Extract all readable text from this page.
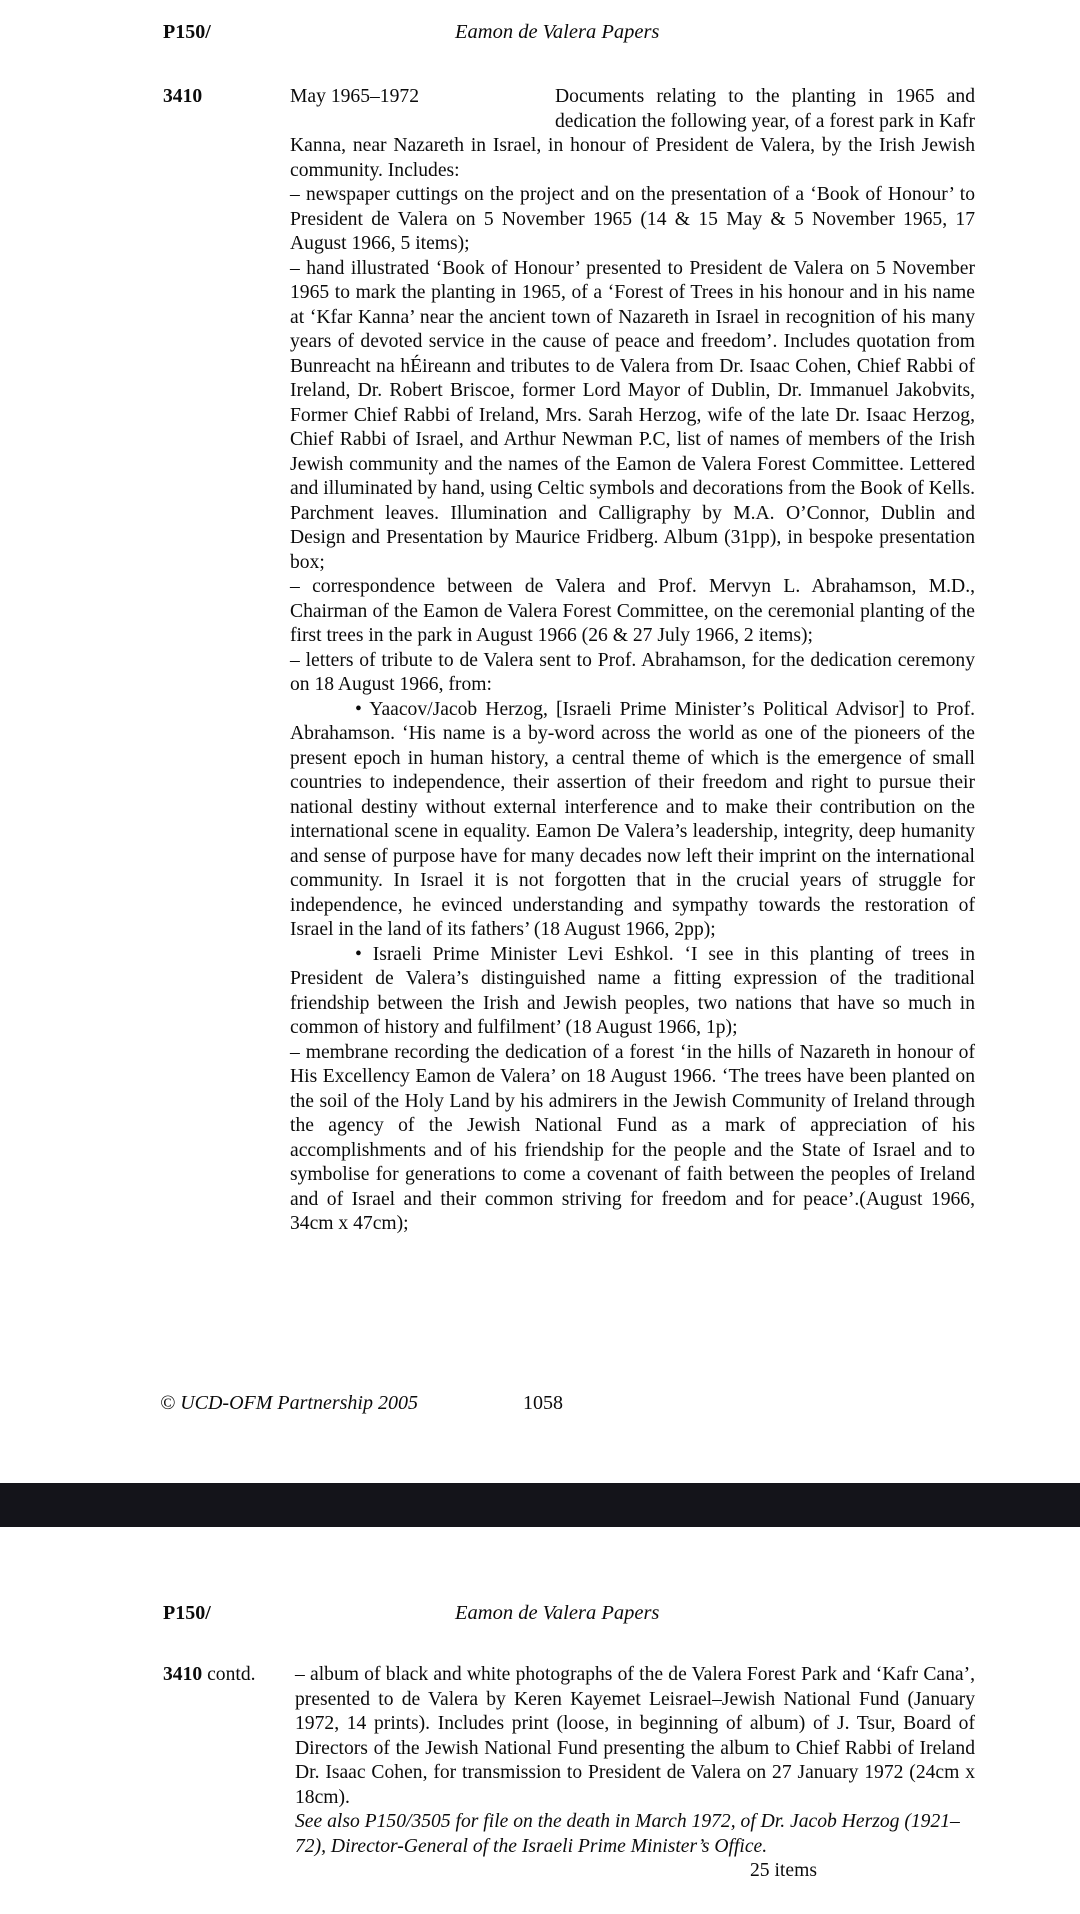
P150/	Eamon de Valera Papers
3410	May 1965–1972	Documents relating to the planting in 1965 and dedication the following year, of a forest park in Kafr Kanna, near Nazareth in Israel, in honour of President de Valera, by the Irish Jewish community. Includes:

– newspaper cuttings on the project and on the presentation of a ‘Book of Honour’ to President de Valera on 5 November 1965 (14 & 15 May & 5 November 1965, 17 August 1966, 5 items);

– hand illustrated ‘Book of Honour’ presented to President de Valera on 5 November 1965 to mark the planting in 1965, of a ‘Forest of Trees in his honour and in his name at ‘Kfar Kanna’ near the ancient town of Nazareth in Israel in recognition of his many years of devoted service in the cause of peace and freedom’. Includes quotation from Bunreacht na hÉireann and tributes to de Valera from Dr. Isaac Cohen, Chief Rabbi of Ireland, Dr. Robert Briscoe, former Lord Mayor of Dublin, Dr. Immanuel Jakobvits, Former Chief Rabbi of Ireland, Mrs. Sarah Herzog, wife of the late Dr. Isaac Herzog, Chief Rabbi of Israel, and Arthur Newman P.C, list of names of members of the Irish Jewish community and the names of the Eamon de Valera Forest Committee. Lettered and illuminated by hand, using Celtic symbols and decorations from the Book of Kells. Parchment leaves. Illumination and Calligraphy by M.A. O’Connor, Dublin and Design and Presentation by Maurice Fridberg. Album (31pp), in bespoke presentation box;

– correspondence between de Valera and Prof. Mervyn L. Abrahamson, M.D., Chairman of the Eamon de Valera Forest Committee, on the ceremonial planting of the first trees in the park in August 1966 (26 & 27 July 1966, 2 items);

– letters of tribute to de Valera sent to Prof. Abrahamson, for the dedication ceremony on 18 August 1966, from:

• Yaacov/Jacob Herzog, [Israeli Prime Minister’s Political Advisor] to Prof. Abrahamson. ‘His name is a by-word across the world as one of the pioneers of the present epoch in human history, a central theme of which is the emergence of small countries to independence, their assertion of their freedom and right to pursue their national destiny without external interference and to make their contribution on the international scene in equality. Eamon De Valera’s leadership, integrity, deep humanity and sense of purpose have for many decades now left their imprint on the international community. In Israel it is not forgotten that in the crucial years of struggle for independence, he evinced understanding and sympathy towards the restoration of Israel in the land of its fathers’ (18 August 1966, 2pp);

• Israeli Prime Minister Levi Eshkol. ‘I see in this planting of trees in President de Valera’s distinguished name a fitting expression of the traditional friendship between the Irish and Jewish peoples, two nations that have so much in common of history and fulfilment’ (18 August 1966, 1p);

– membrane recording the dedication of a forest ‘in the hills of Nazareth in honour of His Excellency Eamon de Valera’ on 18 August 1966. ‘The trees have been planted on the soil of the Holy Land by his admirers in the Jewish Community of Ireland through the agency of the Jewish National Fund as a mark of appreciation of his accomplishments and of his friendship for the people and the State of Israel and to symbolise for generations to come a covenant of faith between the peoples of Ireland and of Israel and their common striving for freedom and for peace’.(August 1966, 34cm x 47cm);

© UCD-OFM Partnership 2005	1058
P150/	Eamon de Valera Papers
3410 contd. – album of black and white photographs of the de Valera Forest Park and ‘Kafr Cana’, presented to de Valera by Keren Kayemet Leisrael–Jewish National Fund (January 1972, 14 prints). Includes print (loose, in beginning of album) of J. Tsur, Board of Directors of the Jewish National Fund presenting the album to Chief Rabbi of Ireland Dr. Isaac Cohen, for transmission to President de Valera on 27 January 1972 (24cm x 18cm).

See also P150/3505 for file on the death in March 1972, of Dr. Jacob Herzog (1921–72), Director-General of the Israeli Prime Minister’s Office.

25 items
